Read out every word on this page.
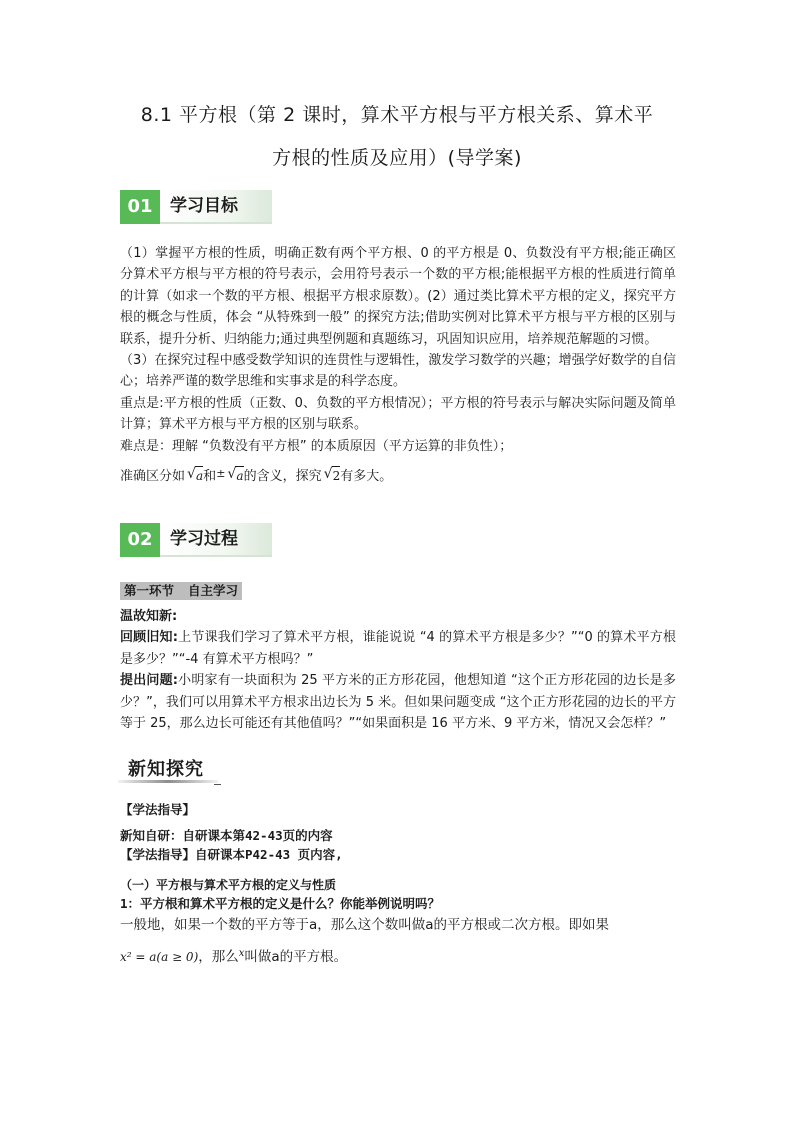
8.1 平方根（第 2 课时，算术平方根与平方根关系、算术平
方根的性质及应用）(导学案)
01	学习目标

（1）掌握平方根的性质，明确正数有两个平方根、0 的平方根是 0、负数没有平方根;能正确区分算术平方根与平方根的符号表示，会用符号表示一个数的平方根;能根据平方根的性质进行简单的计算（如求一个数的平方根、根据平方根求原数）。(2）通过类比算术平方根的定义，探究平方根的概念与性质，体会 “从特殊到一般” 的探究方法;借助实例对比算术平方根与平方根的区别与联系，提升分析、归纳能力;通过典型例题和真题练习，巩固知识应用，培养规范解题的习惯。

（3）在探究过程中感受数学知识的连贯性与逻辑性，激发学习数学的兴趣；增强学好数学的自信心；培养严谨的数学思维和实事求是的科学态度。

重点是:平方根的性质（正数、0、负数的平方根情况）；平方根的符号表示与解决实际问题及简单计算；算术平方根与平方根的区别与联系。

难点是：理解 “负数没有平方根” 的本质原因（平方运算的非负性）；

准确区分如 √ a和± √ a的含义，探究 √ 2有多大。

02	学习过程
第一环节 自主学习

温故知新:

回顾旧知:上节课我们学习了算术平方根，谁能说说 “4 的算术平方根是多少？”“0 的算术平方根是多少？”“-4 有算术平方根吗？”

提出问题:小明家有一块面积为 25 平方米的正方形花园，他想知道 “这个正方形花园的边长是多少？”，我们可以用算术平方根求出边长为 5 米。但如果问题变成 “这个正方形花园的边长的平方等于 25，那么边长可能还有其他值吗？”“如果面积是 16 平方米、9 平方米，情况又会怎样？”

新知探究
【学法指导】
新知自研：自研课本第42-43页的内容
【学法指导】自研课本P42-43 页内容,
（一）平方根与算术平方根的定义与性质
1：平方根和算术平方根的定义是什么？你能举例说明吗？
一般地，如果一个数的平方等于a，那么这个数叫做a的平方根或二次方根。即如果
x² = a(a ≥ 0)，那么$^x$叫做a的平方根。
